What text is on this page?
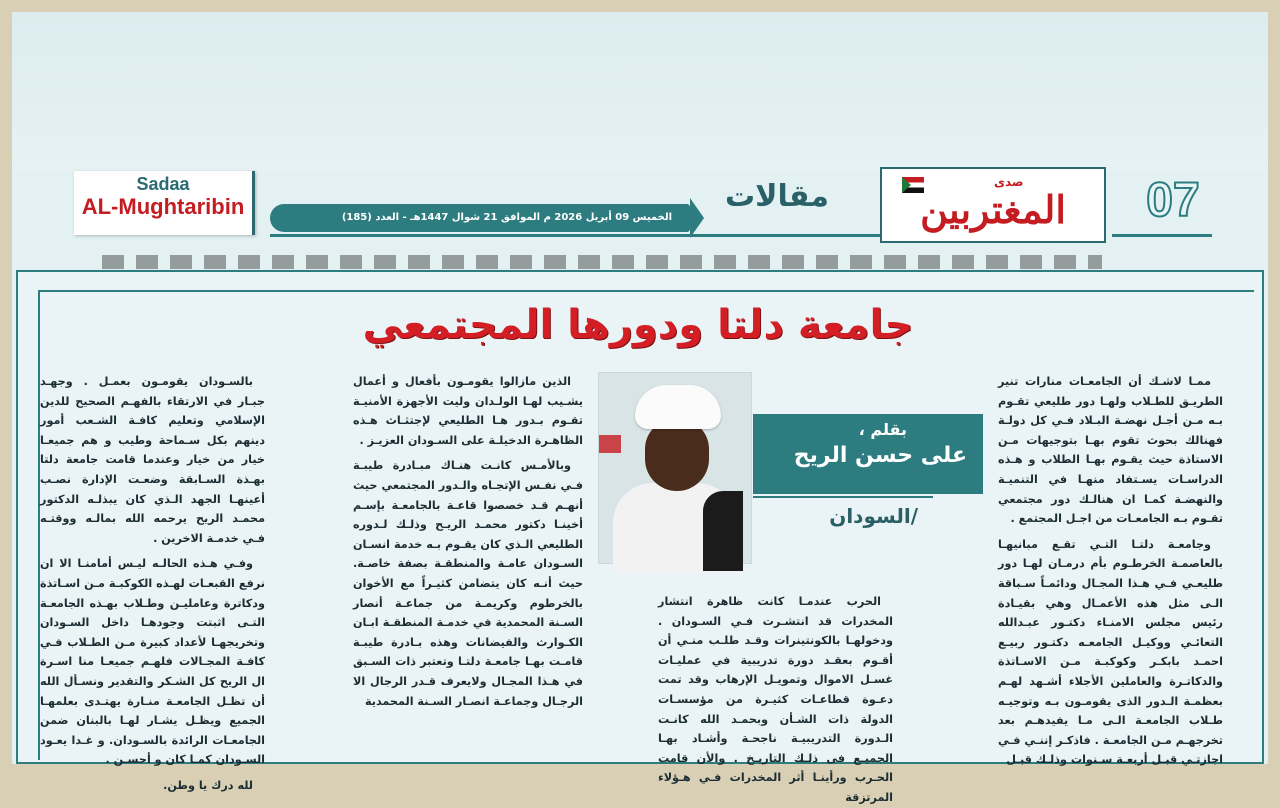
Sadaa
AL-Mughtaribin	الخميس 09 أبريل 2026 م الموافق 21 شوال 1447هـ - العدد (185)
مقالات	صدى
المغتربين	07
جامعة دلتا ودورها المجتمعي

ممـا لاشـك أن الجامعـات منارات تنير الطريـق للطـلاب ولهـا دور طليعي تقـوم بـه مـن أجـل نهضـة البـلاد فـي كل دولـة فهنالك بحوث تقوم بهـا بتوجيهات مـن الاستاذة حيث يقـوم بهـا الطلاب و هـذه الدراسـات يسـتفاد منهـا في التنميـة والنهضـة كمـا ان هنالـك دور مجتمعي تقـوم بـه الجامعـات من اجـل المجتمع .

وجامعـة دلتـا التـي تقـع مبانيهـا بالعاصمـة الخرطـوم بأم درمـان لهـا دور طليعـي فـي هـذا المجـال ودائمـاً سـباقة الـى مثل هذه الأعمـال وهي بقيـادة رئيس مجلس الامنـاء دكتـور عبـدالله التعائـي ووكيـل الجامعـه دكتـور ربيـع احمـد بابكـر وكوكبـة مـن الاسـاتذة والدكاتـرة والعاملين الأجلاء أشـهد لهـم بعظمـة الـدور الذى يقومـون بـه وتوجيـه طـلاب الجامعـة الـى مـا يفيدهـم بعد تخرجهـم مـن الجامعـة . فاذكـر إننـي فـي اجازتـي قبـل أربعـة سـنوات وذلـك قبـل

بقلم ،
على حسن الريح
/السودان

الحرب عندمـا كانت ظاهرة انتشار المخدرات قد انتشـرت فـي السـودان . ودخولهـا بالكونتينرات وقـد طلـب منـي أن أقـوم بعقـد دورة تدريبية في عمليـات غسـل الاموال وتمويـل الإرهاب وقد تمت دعـوة قطاعـات كثيـرة من مؤسسـات الدولة ذات الشـأن وبحمـد الله كانـت الـدورة التدريبيـة ناجحـة وأشـاد بهـا الجميـع فى ذلـك التاريـخ . والأن قامت الحـرب ورأينـا أثر المخدرات فـي هـؤلاء المرتزقة

الذين مازالوا يقومـون بأفعال و أعمال يشـيب لهـا الولـدان وليت الأجهزة الأمنيـة تقـوم بـدور هـا الطليعي لإجتثـاث هـذه الظاهـرة الدخيلـة على السـودان العزيـز .

وبالأمـس كانـت هنـاك مبـادرة طيبـة فـي نفـس الإتجـاه والـدور المجتمعي حيث أنهـم قـد خصصوا قاعـة بالجامعـة بإسـم أخينـا دكتور محمـد الريـح وذلـك لـدوره الطليعي الـذي كان يقـوم بـه خدمة انسـان السـودان عامـة والمنطقـة بصفة خاصـة. حيث أنـه كان يتضامن كثيـراً مع الأخوان بالخرطوم وكريمـة من جماعـة أنصار السـنة المحمدية في خدمـة المنطقـة ابـان الكـوارث والفيضانات وهذه بـادرة طيبـة قامـت بهـا جامعـة دلتـا وتعتبر ذات السـبق في هـذا المجـال ولايعرف قـدر الرجال الا الرجـال وجماعـة انصـار السـنة المحمدية

بالسـودان يقومـون بعمـل . وجهـد جبـار في الارتقاء بالفهـم الصحيح للدين الإسلامي وتعليم كافـة الشـعب أمور دينهم بكل سـماحة وطيب و هم جميعـا خيار من خيار وعندما قامت جامعة دلتا بهـذة السـابقة وضعـت الإدارة نصـب أعينهـا الجهد الـذي كان يبذلـه الدكتور محمـد الريح يرحمه الله بمالـه ووقتـه فـي خدمـة الاخرين .

وفـي هـذه الحالـه ليـس أمامنـا الا ان نرفع القبعـات لهـذه الكوكبـة مـن اسـاتذة ودكاترة وعامليـن وطـلاب بهـذه الجامعـة التـى اثبتت وجودهـا داخل السـودان وتخريجهـا لأعداد كبيرة مـن الطـلاب فـي كافـة المجـالات فلهـم جميعـا منا اسـرة ال الريح كل الشـكر والتقدير ونسـأل الله أن تظـل الجامعـة منـارة يهتـدى بعلمهـا الجميع ويظـل يشـار لهـا بالبنان ضمن الجامعـات الرائدة بالسـودان. و غـدا يعـود السـودان كمـا كان و أحسـن .

لله درك يا وطن.
